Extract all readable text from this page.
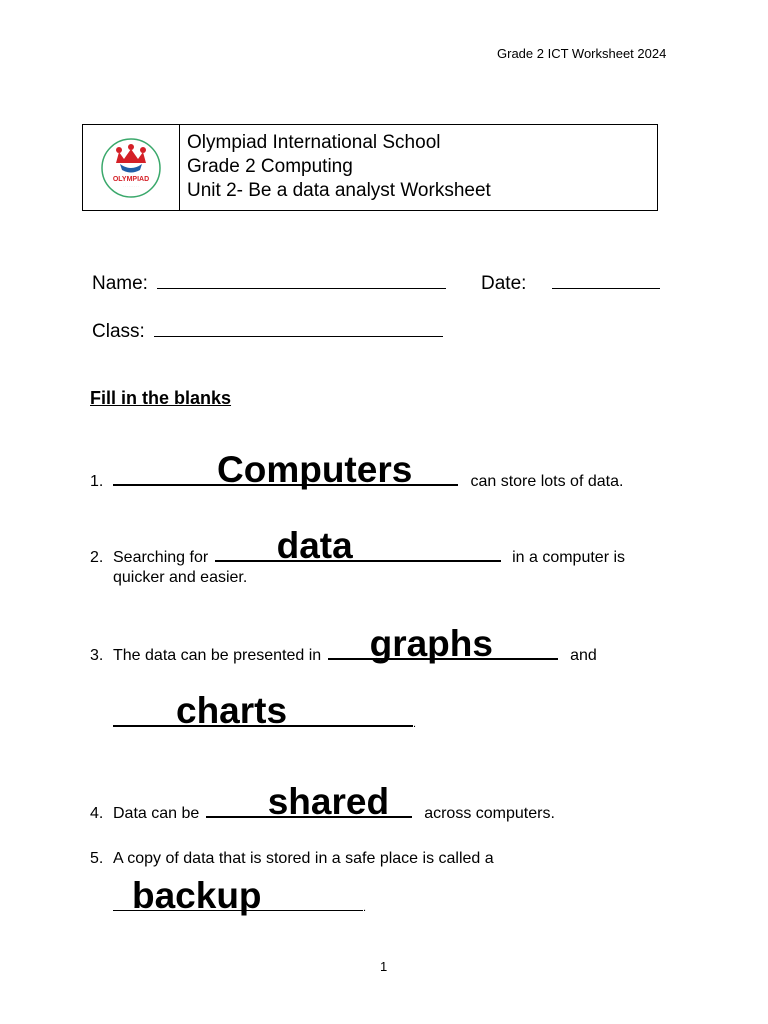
Grade 2 ICT Worksheet 2024
OLYMPIAD
· · · · · · · · ·
Olympiad International School
Grade 2 Computing
Unit 2- Be a data analyst Worksheet
Name:	Date:
Class:
Fill in the blanks
1.	Computers	can store lots of data.
2. Searching for data	in a computer is
quicker and easier.
3. The data can be presented in graphs	and
charts	.
4. Data can be shared across computers.
5. A copy of data that is stored in a safe place is called a
backup	.
1
